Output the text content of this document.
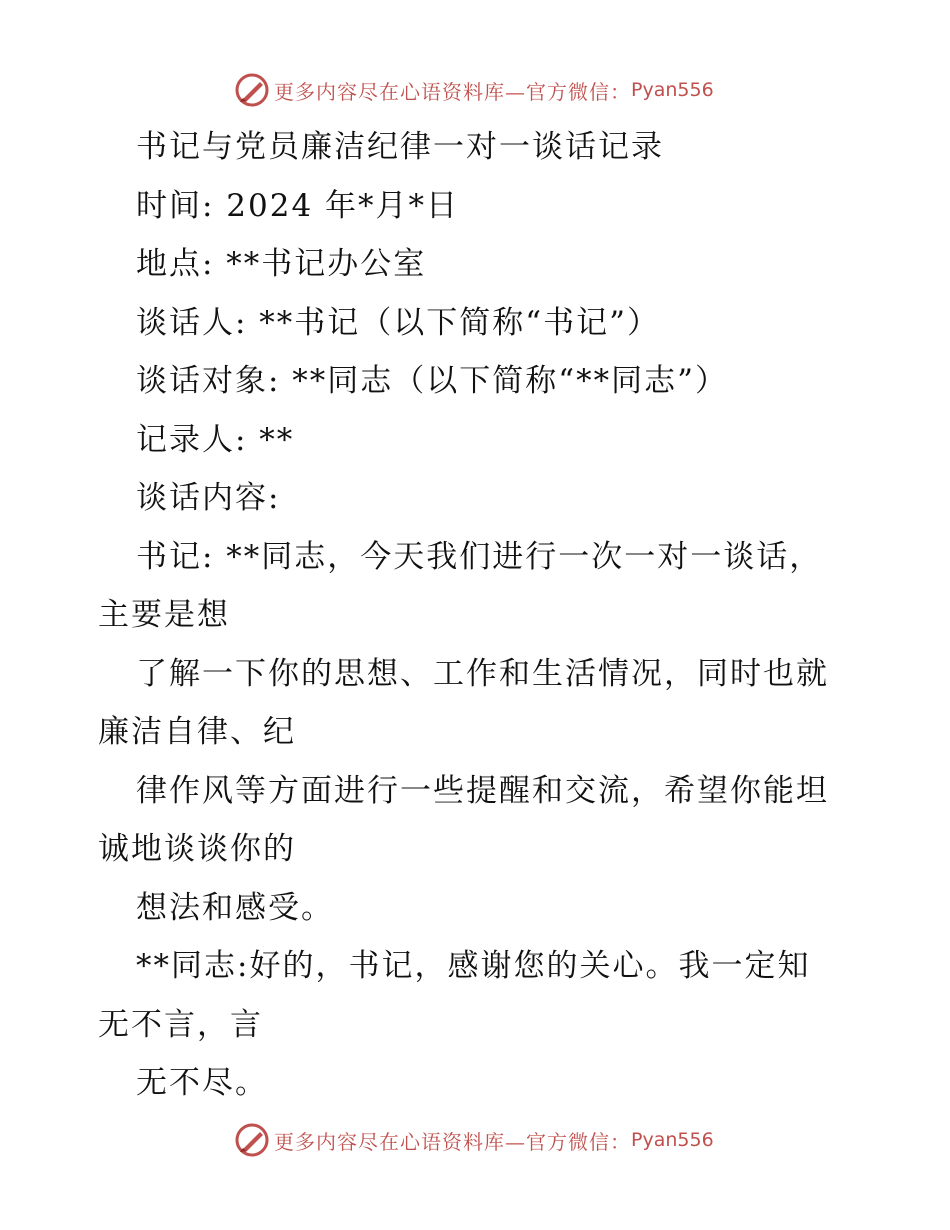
更多内容尽在心语资料库—官方微信： Pyan556
书记与党员廉洁纪律一对一谈话记录
时间: 2024 年*月*日
地点: **书记办公室
谈话人: **书记（以下简称“书记”）
谈话对象: **同志（以下简称“**同志”）
记录人: **
谈话内容:
书记: **同志，今天我们进行一次一对一谈话，
主要是想
了解一下你的思想、工作和生活情况，同时也就
廉洁自律、纪
律作风等方面进行一些提醒和交流，希望你能坦
诚地谈谈你的
想法和感受。
**同志:好的，书记，感谢您的关心。我一定知
无不言，言
无不尽。
更多内容尽在心语资料库—官方微信： Pyan556
